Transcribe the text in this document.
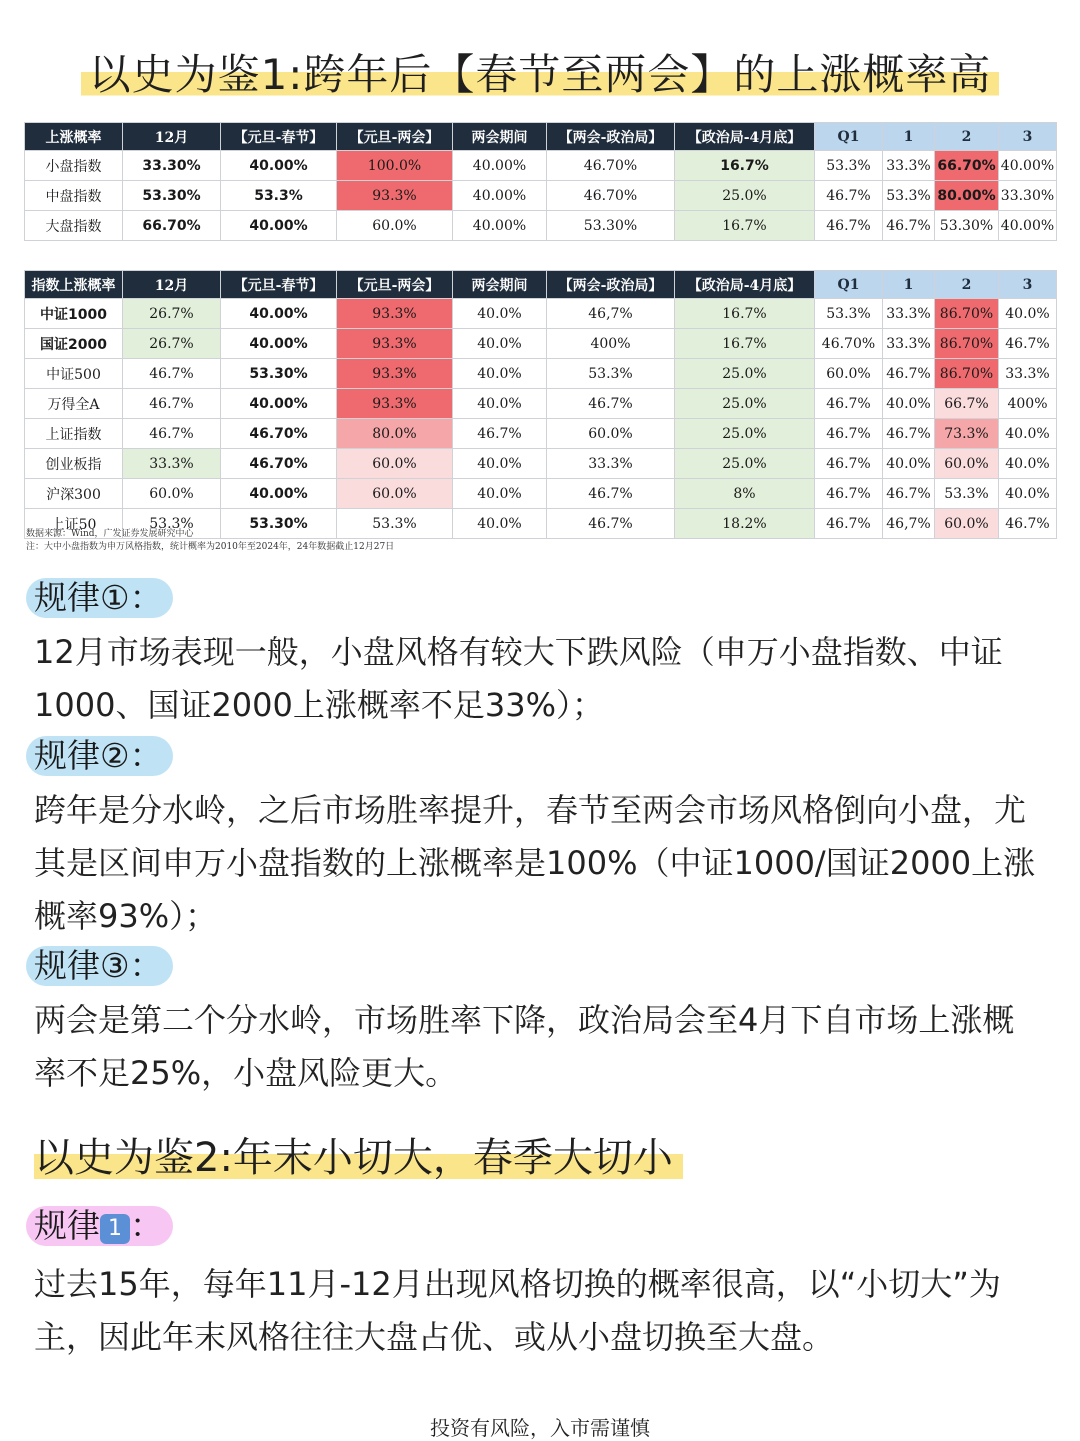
以史为鉴1:跨年后【春节至两会】的上涨概率高
上涨概率	12月	【元旦-春节】	【元旦-两会】	两会期间	【两会-政治局】	【政治局-4月底】	Q1	1	2	3
小盘指数	33.30%	40.00%	100.0%	40.00%	46.70%	16.7%	53.3%	33.3%	66.70%	40.00%
中盘指数	53.30%	53.3%	93.3%	40.00%	46.70%	25.0%	46.7%	53.3%	80.00%	33.30%
大盘指数	66.70%	40.00%	60.0%	40.00%	53.30%	16.7%	46.7%	46.7%	53.30%	40.00%
指数上涨概率	12月	【元旦-春节】	【元旦-两会】	两会期间	【两会-政治局】	【政治局-4月底】	Q1	1	2	3
中证1000	26.7%	40.00%	93.3%	40.0%	46,7%	16.7%	53.3%	33.3%	86.70%	40.0%
国证2000	26.7%	40.00%	93.3%	40.0%	400%	16.7%	46.70%	33.3%	86.70%	46.7%
中证500	46.7%	53.30%	93.3%	40.0%	53.3%	25.0%	60.0%	46.7%	86.70%	33.3%
万得全A	46.7%	40.00%	93.3%	40.0%	46.7%	25.0%	46.7%	40.0%	66.7%	400%
上证指数	46.7%	46.70%	80.0%	46.7%	60.0%	25.0%	46.7%	46.7%	73.3%	40.0%
创业板指	33.3%	46.70%	60.0%	40.0%	33.3%	25.0%	46.7%	40.0%	60.0%	40.0%
沪深300	60.0%	40.00%	60.0%	40.0%	46.7%	8%	46.7%	46.7%	53.3%	40.0%
上证50	53.3%	53.30%	53.3%	40.0%	46.7%	18.2%	46.7%	46,7%	60.0%	46.7%
数据来源：Wind，广发证券发展研究中心
注：大中小盘指数为申万风格指数，统计概率为2010年至2024年，24年数据截止12月27日
规律①：
12月市场表现一般，小盘风格有较大下跌风险（申万小盘指数、中证1000、国证2000上涨概率不足33%）；
规律②：
跨年是分水岭，之后市场胜率提升，春节至两会市场风格倒向小盘，尤其是区间申万小盘指数的上涨概率是100%（中证1000/国证2000上涨概率93%）；
规律③：
两会是第二个分水岭，市场胜率下降，政治局会至4月下自市场上涨概率不足25%，小盘风险更大。
以史为鉴2:年末小切大，春季大切小
规律 1 ：
过去15年，每年11月-12月出现风格切换的概率很高，以“小切大”为主，因此年末风格往往大盘占优、或从小盘切换至大盘。
投资有风险，入市需谨慎
